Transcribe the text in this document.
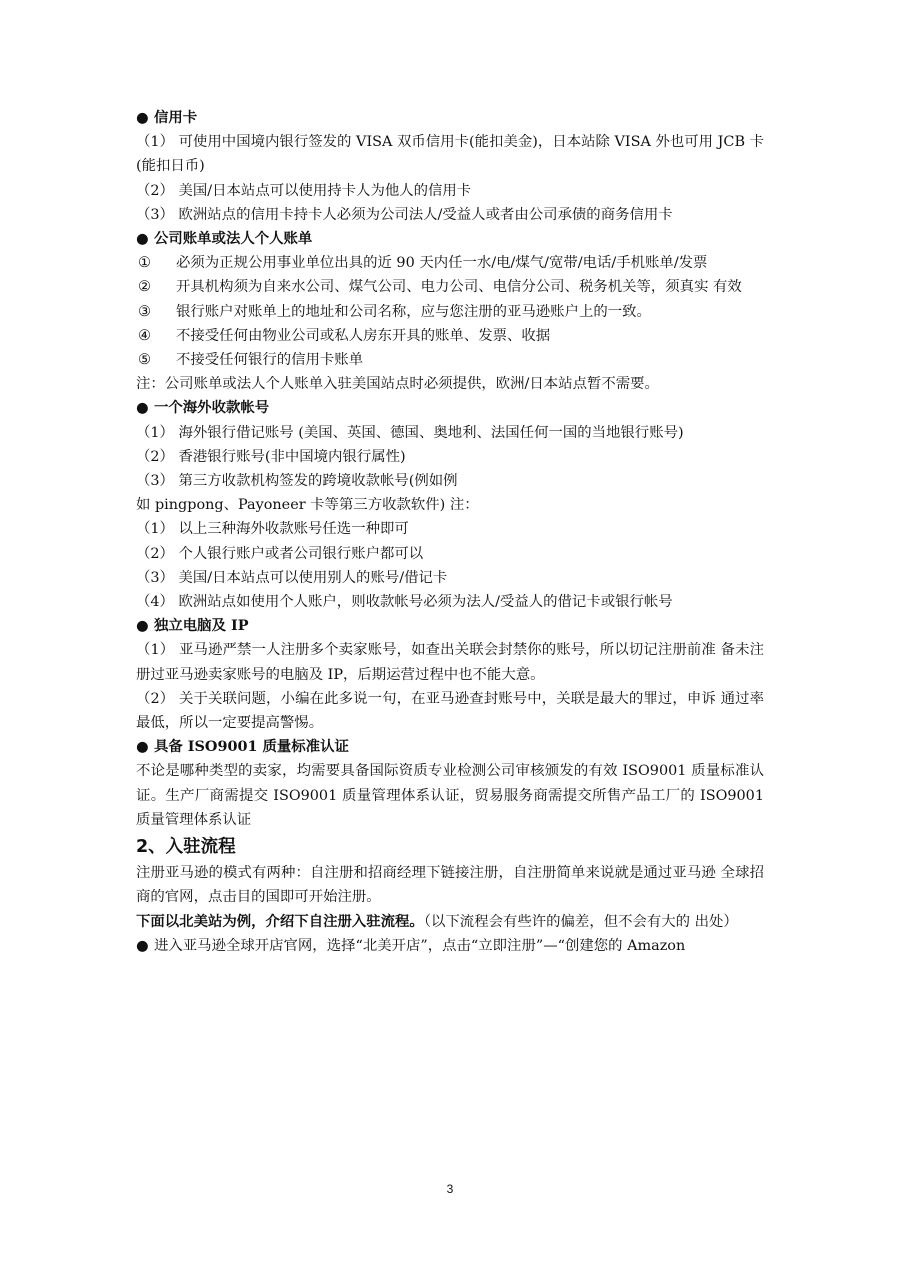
● 信用卡
（1） 可使用中国境内银行签发的 VISA 双币信用卡(能扣美金)，日本站除 VISA 外也可用 JCB 卡(能扣日币)
（2） 美国/日本站点可以使用持卡人为他人的信用卡
（3） 欧洲站点的信用卡持卡人必须为公司法人/受益人或者由公司承债的商务信用卡
● 公司账单或法人个人账单
① 必须为正规公用事业单位出具的近 90 天内任一水/电/煤气/宽带/电话/手机账单/发票
② 开具机构须为自来水公司、煤气公司、电力公司、电信分公司、税务机关等，须真实 有效
③ 银行账户对账单上的地址和公司名称，应与您注册的亚马逊账户上的一致。
④ 不接受任何由物业公司或私人房东开具的账单、发票、收据
⑤ 不接受任何银行的信用卡账单
注：公司账单或法人个人账单入驻美国站点时必须提供，欧洲/日本站点暂不需要。
● 一个海外收款帐号
（1） 海外银行借记账号 (美国、英国、德国、奥地利、法国任何一国的当地银行账号)
（2） 香港银行账号(非中国境内银行属性)
（3） 第三方收款机构签发的跨境收款帐号(例如例
如 pingpong、Payoneer 卡等第三方收款软件) 注：
（1） 以上三种海外收款账号任选一种即可
（2） 个人银行账户或者公司银行账户都可以
（3） 美国/日本站点可以使用别人的账号/借记卡
（4） 欧洲站点如使用个人账户，则收款帐号必须为法人/受益人的借记卡或银行帐号
● 独立电脑及 IP
（1） 亚马逊严禁一人注册多个卖家账号，如查出关联会封禁你的账号，所以切记注册前准 备未注册过亚马逊卖家账号的电脑及 IP，后期运营过程中也不能大意。
（2） 关于关联问题，小编在此多说一句，在亚马逊查封账号中，关联是最大的罪过，申诉 通过率最低，所以一定要提高警惕。
● 具备 ISO9001 质量标准认证
不论是哪种类型的卖家，均需要具备国际资质专业检测公司审核颁发的有效 ISO9001 质量标准认证。生产厂商需提交 ISO9001 质量管理体系认证，贸易服务商需提交所售产品工厂的 ISO9001 质量管理体系认证
2、入驻流程
注册亚马逊的模式有两种：自注册和招商经理下链接注册，自注册简单来说就是通过亚马逊 全球招商的官网，点击目的国即可开始注册。
下面以北美站为例，介绍下自注册入驻流程。（以下流程会有些许的偏差，但不会有大的 出处）
● 进入亚马逊全球开店官网，选择“北美开店”，点击“立即注册”—“创建您的 Amazon
3
